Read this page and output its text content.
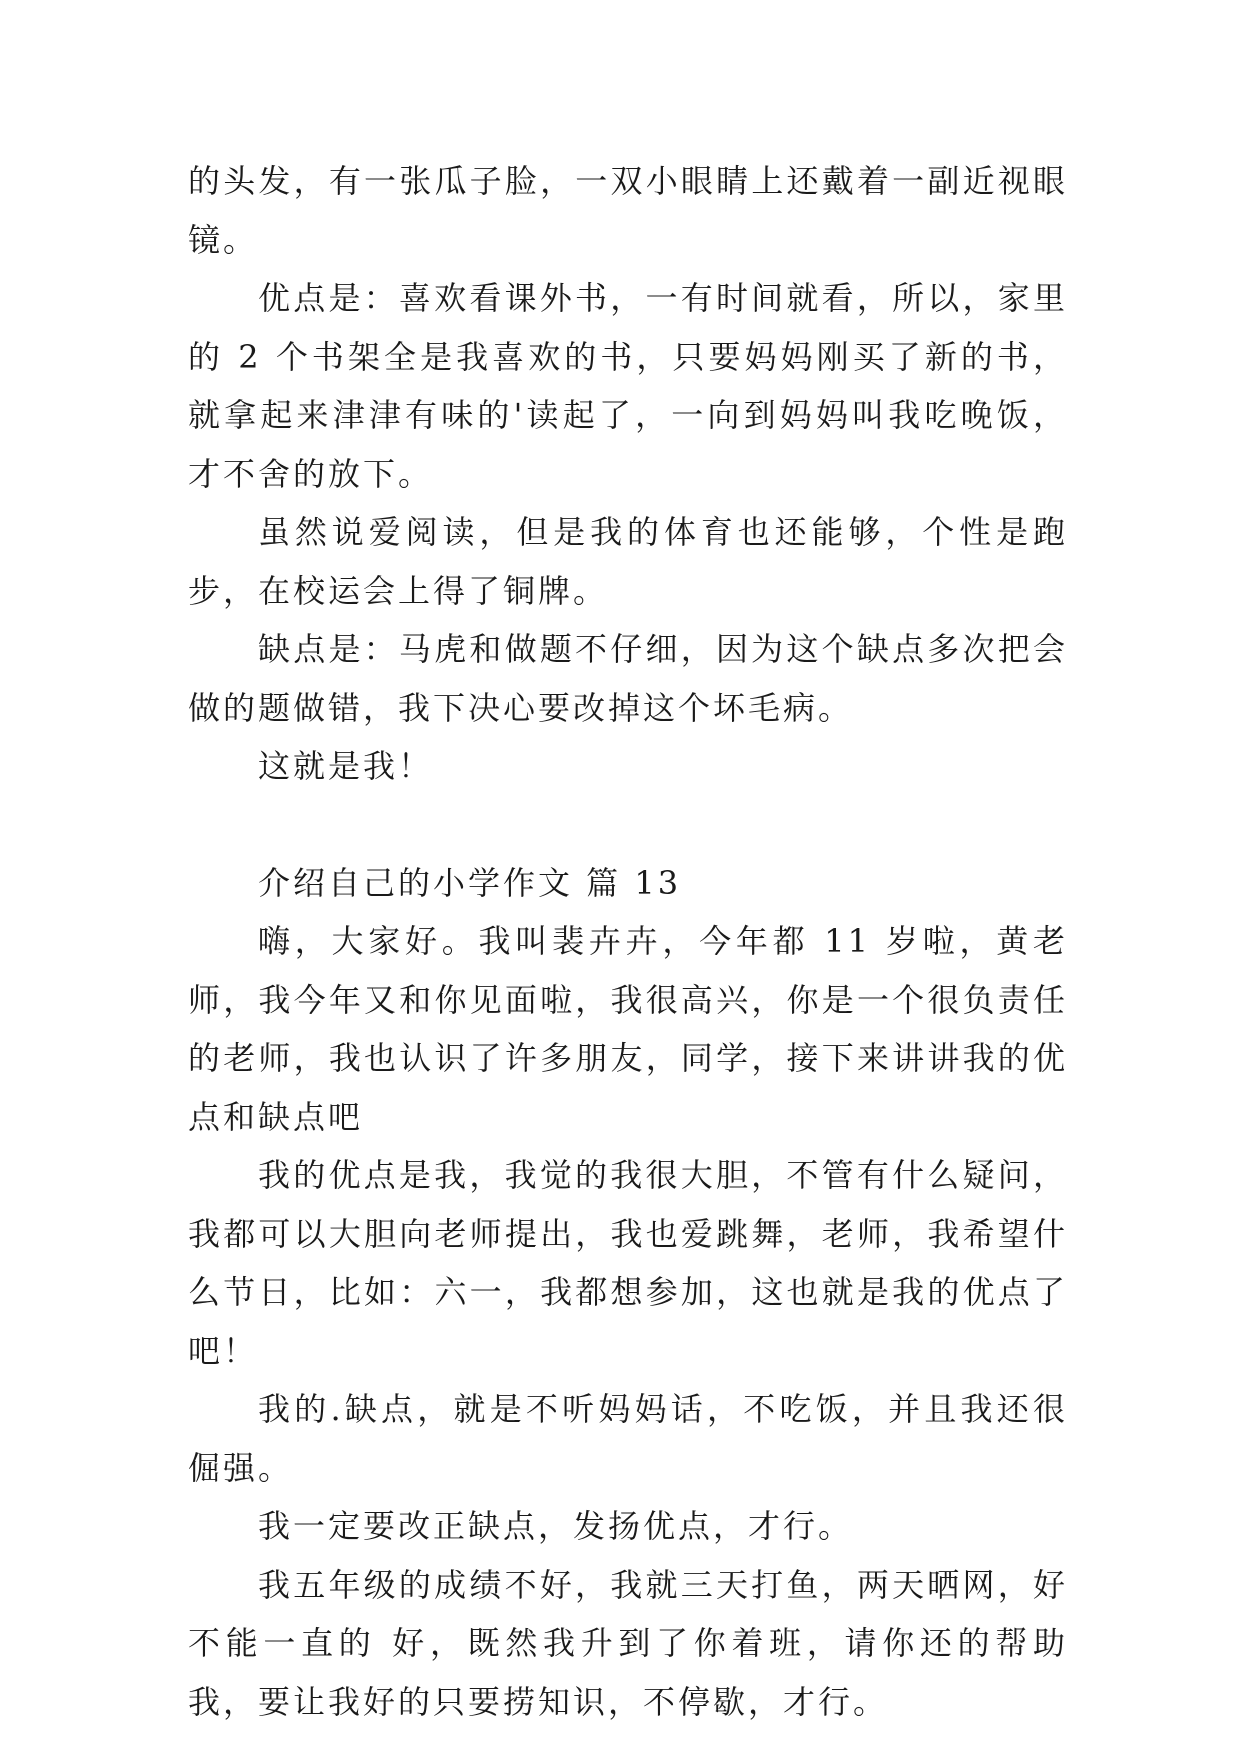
的头发，有一张瓜子脸，一双小眼睛上还戴着一副近视眼镜。

优点是：喜欢看课外书，一有时间就看，所以，家里的 2 个书架全是我喜欢的书，只要妈妈刚买了新的书，就拿起来津津有味的'读起了，一向到妈妈叫我吃晚饭，才不舍的放下。

虽然说爱阅读，但是我的体育也还能够，个性是跑步，在校运会上得了铜牌。

缺点是：马虎和做题不仔细，因为这个缺点多次把会做的题做错，我下决心要改掉这个坏毛病。

这就是我！

介绍自己的小学作文 篇 13

嗨，大家好。我叫裴卉卉，今年都 11 岁啦，黄老师，我今年又和你见面啦，我很高兴，你是一个很负责任的老师，我也认识了许多朋友，同学，接下来讲讲我的优点和缺点吧

我的优点是我，我觉的我很大胆，不管有什么疑问，我都可以大胆向老师提出，我也爱跳舞，老师，我希望什么节日，比如：六一，我都想参加，这也就是我的优点了吧！

我的.缺点，就是不听妈妈话，不吃饭，并且我还很倔强。

我一定要改正缺点，发扬优点，才行。

我五年级的成绩不好，我就三天打鱼，两天晒网，好不能一直的 好，既然我升到了你着班，请你还的帮助我，要让我好的只要捞知识，不停歇，才行。
